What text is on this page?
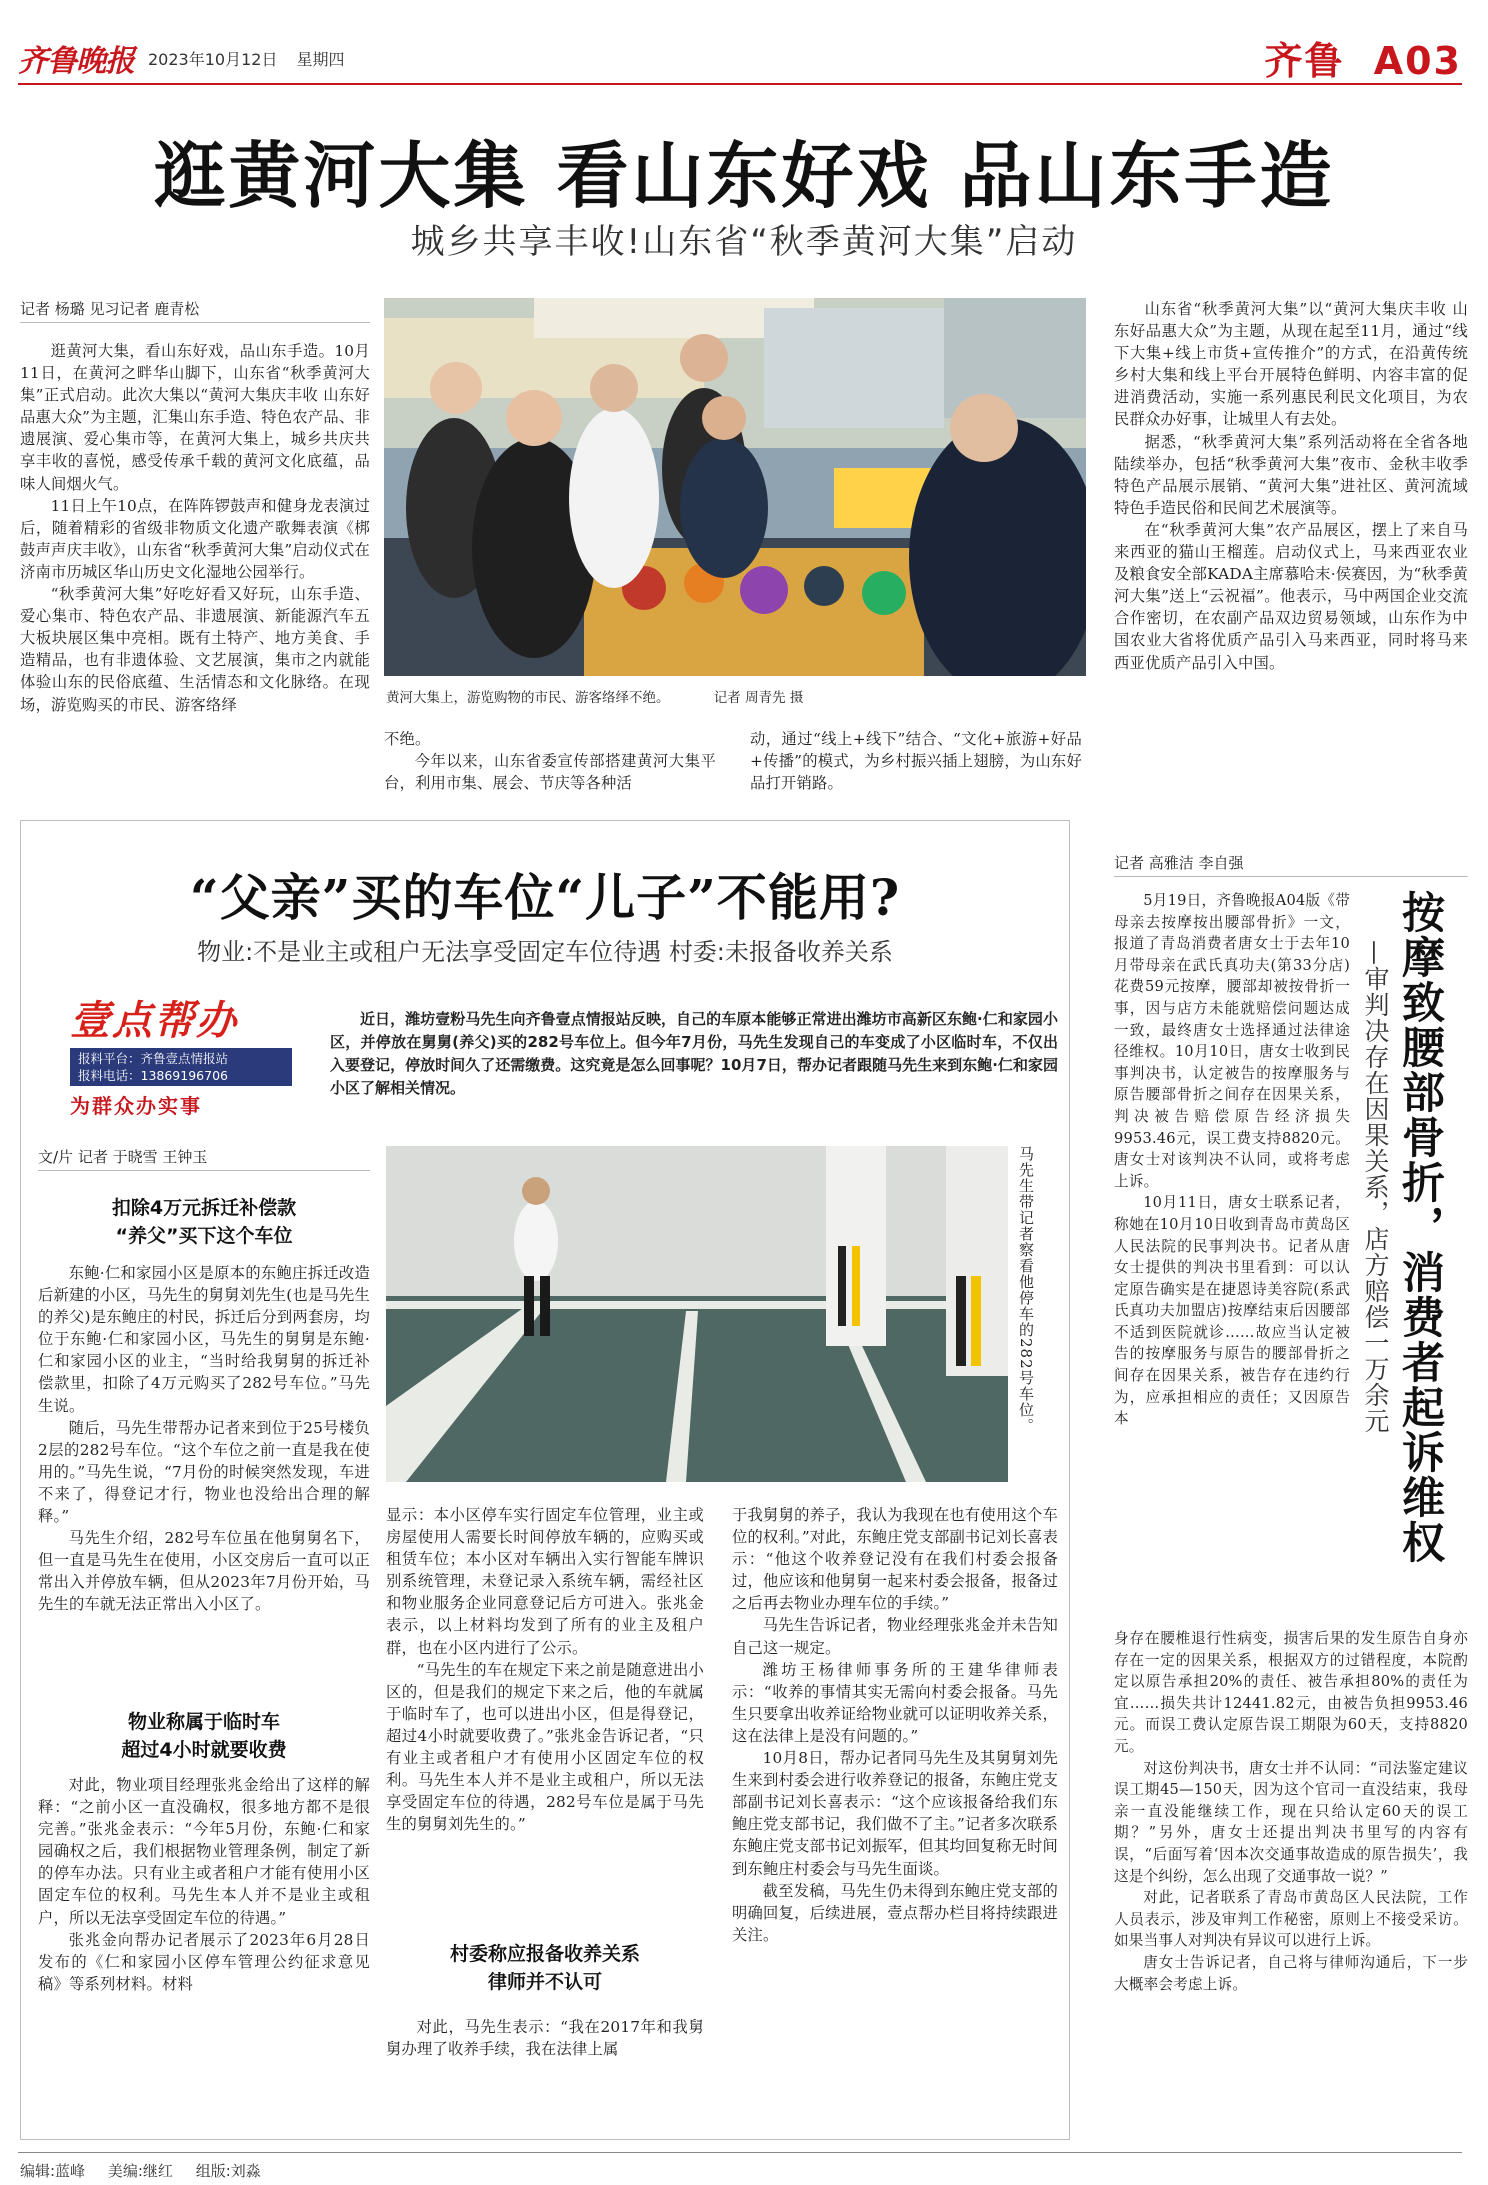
齐鲁晚报 2023年10月12日 星期四	齐鲁 A03
逛黄河大集 看山东好戏 品山东手造
城乡共享丰收!山东省“秋季黄河大集”启动
记者 杨璐 见习记者 鹿青松

逛黄河大集，看山东好戏，品山东手造。10月11日，在黄河之畔华山脚下，山东省“秋季黄河大集”正式启动。此次大集以“黄河大集庆丰收 山东好品惠大众”为主题，汇集山东手造、特色农产品、非遗展演、爱心集市等，在黄河大集上，城乡共庆共享丰收的喜悦，感受传承千载的黄河文化底蕴，品味人间烟火气。

11日上午10点，在阵阵锣鼓声和健身龙表演过后，随着精彩的省级非物质文化遗产歌舞表演《梆鼓声声庆丰收》，山东省“秋季黄河大集”启动仪式在济南市历城区华山历史文化湿地公园举行。

“秋季黄河大集”好吃好看又好玩，山东手造、爱心集市、特色农产品、非遗展演、新能源汽车五大板块展区集中亮相。既有土特产、地方美食、手造精品，也有非遗体验、文艺展演，集市之内就能体验山东的民俗底蕴、生活情态和文化脉络。在现场，游览购买的市民、游客络绎	黄河大集上，游览购物的市民、游客络绎不绝。	记者 周青先 摄

不绝。

今年以来，山东省委宣传部搭建黄河大集平台，利用市集、展会、节庆等各种活

动，通过“线上+线下”结合、“文化+旅游+好品+传播”的模式，为乡村振兴插上翅膀，为山东好品打开销路。

山东省“秋季黄河大集”以“黄河大集庆丰收 山东好品惠大众”为主题，从现在起至11月，通过“线下大集+线上市货+宣传推介”的方式，在沿黄传统乡村大集和线上平台开展特色鲜明、内容丰富的促进消费活动，实施一系列惠民利民文化项目，为农民群众办好事，让城里人有去处。

据悉，“秋季黄河大集”系列活动将在全省各地陆续举办，包括“秋季黄河大集”夜市、金秋丰收季特色产品展示展销、“黄河大集”进社区、黄河流域特色手造民俗和民间艺术展演等。

在“秋季黄河大集”农产品展区，摆上了来自马来西亚的猫山王榴莲。启动仪式上，马来西亚农业及粮食安全部KADA主席慕哈末·侯赛因，为“秋季黄河大集”送上“云祝福”。他表示，马中两国企业交流合作密切，在农副产品双边贸易领域，山东作为中国农业大省将优质产品引入马来西亚，同时将马来西亚优质产品引入中国。

“父亲”买的车位“儿子”不能用?
物业:不是业主或租户无法享受固定车位待遇 村委:未报备收养关系
壹点帮办
报料平台：齐鲁壹点情报站
报料电话：13869196706
为群众办实事
近日，潍坊壹粉马先生向齐鲁壹点情报站反映，自己的车原本能够正常进出潍坊市高新区东鲍·仁和家园小区，并停放在舅舅(养父)买的282号车位上。但今年7月份，马先生发现自己的车变成了小区临时车，不仅出入要登记，停放时间久了还需缴费。这究竟是怎么回事呢？10月7日，帮办记者跟随马先生来到东鲍·仁和家园小区了解相关情况。
文/片 记者 于晓雪 王钟玉
扣除4万元拆迁补偿款
“养父”买下这个车位

东鲍·仁和家园小区是原本的东鲍庄拆迁改造后新建的小区，马先生的舅舅刘先生(也是马先生的养父)是东鲍庄的村民，拆迁后分到两套房，均位于东鲍·仁和家园小区，马先生的舅舅是东鲍·仁和家园小区的业主，“当时给我舅舅的拆迁补偿款里，扣除了4万元购买了282号车位。”马先生说。

随后，马先生带帮办记者来到位于25号楼负2层的282号车位。“这个车位之前一直是我在使用的。”马先生说，“7月份的时候突然发现，车进不来了，得登记才行，物业也没给出合理的解释。”

马先生介绍，282号车位虽在他舅舅名下，但一直是马先生在使用，小区交房后一直可以正常出入并停放车辆，但从2023年7月份开始，马先生的车就无法正常出入小区了。

物业称属于临时车
超过4小时就要收费

对此，物业项目经理张兆金给出了这样的解释：“之前小区一直没确权，很多地方都不是很完善。”张兆金表示：“今年5月份，东鲍·仁和家园确权之后，我们根据物业管理条例，制定了新的停车办法。只有业主或者租户才能有使用小区固定车位的权利。马先生本人并不是业主或租户，所以无法享受固定车位的待遇。”

张兆金向帮办记者展示了2023年6月28日发布的《仁和家园小区停车管理公约征求意见稿》等系列材料。材料

马先生带记者察看他停车的282号车位。

显示：本小区停车实行固定车位管理，业主或房屋使用人需要长时间停放车辆的，应购买或租赁车位；本小区对车辆出入实行智能车牌识别系统管理，未登记录入系统车辆，需经社区和物业服务企业同意登记后方可进入。张兆金表示，以上材料均发到了所有的业主及租户群，也在小区内进行了公示。

“马先生的车在规定下来之前是随意进出小区的，但是我们的规定下来之后，他的车就属于临时车了，也可以进出小区，但是得登记，超过4小时就要收费了。”张兆金告诉记者，“只有业主或者租户才有使用小区固定车位的权利。马先生本人并不是业主或租户，所以无法享受固定车位的待遇，282号车位是属于马先生的舅舅刘先生的。”

村委称应报备收养关系
律师并不认可

对此，马先生表示：“我在2017年和我舅舅办理了收养手续，我在法律上属

于我舅舅的养子，我认为我现在也有使用这个车位的权利。”对此，东鲍庄党支部副书记刘长喜表示：“他这个收养登记没有在我们村委会报备过，他应该和他舅舅一起来村委会报备，报备过之后再去物业办理车位的手续。”

马先生告诉记者，物业经理张兆金并未告知自己这一规定。

潍坊王杨律师事务所的王建华律师表示：“收养的事情其实无需向村委会报备。马先生只要拿出收养证给物业就可以证明收养关系，这在法律上是没有问题的。”

10月8日，帮办记者同马先生及其舅舅刘先生来到村委会进行收养登记的报备，东鲍庄党支部副书记刘长喜表示：“这个应该报备给我们东鲍庄党支部书记，我们做不了主。”记者多次联系东鲍庄党支部书记刘振军，但其均回复称无时间到东鲍庄村委会与马先生面谈。

截至发稿，马先生仍未得到东鲍庄党支部的明确回复，后续进展，壹点帮办栏目将持续跟进关注。

记者 高雅洁 李自强

5月19日，齐鲁晚报A04版《带母亲去按摩按出腰部骨折》一文，报道了青岛消费者唐女士于去年10月带母亲在武氏真功夫(第33分店)花费59元按摩，腰部却被按骨折一事，因与店方未能就赔偿问题达成一致，最终唐女士选择通过法律途径维权。10月10日，唐女士收到民事判决书，认定被告的按摩服务与原告腰部骨折之间存在因果关系，判决被告赔偿原告经济损失9953.46元，误工费支持8820元。唐女士对该判决不认同，或将考虑上诉。

10月11日，唐女士联系记者，称她在10月10日收到青岛市黄岛区人民法院的民事判决书。记者从唐女士提供的判决书里看到：可以认定原告确实是在捷恩诗美容院(系武氏真功夫加盟店)按摩结束后因腰部不适到医院就诊……故应当认定被告的按摩服务与原告的腰部骨折之间存在因果关系，被告存在违约行为，应承担相应的责任；又因原告本	按摩致腰部骨折，消费者起诉维权
—审判决存在因果关系，店方赔偿一万余元

身存在腰椎退行性病变，损害后果的发生原告自身亦存在一定的因果关系，根据双方的过错程度，本院酌定以原告承担20%的责任、被告承担80%的责任为宜……损失共计12441.82元，由被告负担9953.46元。而误工费认定原告误工期限为60天，支持8820元。

对这份判决书，唐女士并不认同：“司法鉴定建议误工期45—150天，因为这个官司一直没结束，我母亲一直没能继续工作，现在只给认定60天的误工期？”另外，唐女士还提出判决书里写的内容有误，“后面写着‘因本次交通事故造成的原告损失’，我这是个纠纷，怎么出现了交通事故一说？”

对此，记者联系了青岛市黄岛区人民法院，工作人员表示，涉及审判工作秘密，原则上不接受采访。如果当事人对判决有异议可以进行上诉。

唐女士告诉记者，自己将与律师沟通后，下一步大概率会考虑上诉。

编辑:蓝峰 美编:继红 组版:刘淼
